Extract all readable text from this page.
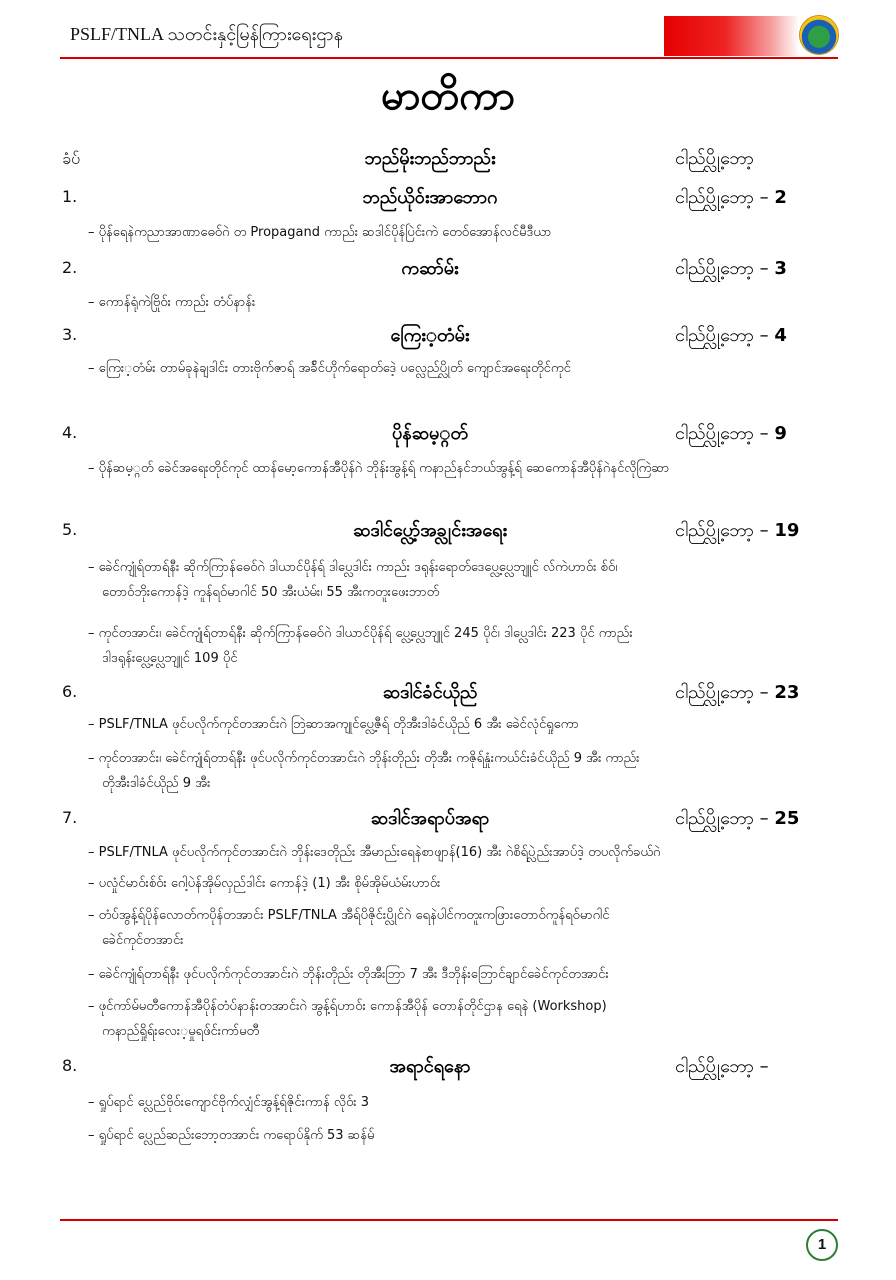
PSLF/TNLA သတင်းနှင့်မြန်ကြားရေးဌာန
မာတိကာ
ခံပ်	ဘည်မိုးဘည်ဘာည်း	ငါည်ပ္လို့ဘော့
1.	ဘည်ယိုဝ်းအာဘောဂ	ငါည်ပ္လို့ဘော့ – 2
– ပိုန်ရေနဲကညာအာဏာဓေဝ်ဂဲ တ Propagand ကာည်း ဆဒါင်ပိုန်ပြဲင်းကဲ တေဝ်အောန်လင်မီဒီယာ
2.	ကဆာ်မ်း	ငါည်ပ္လို့ဘော့ – 3
– ကောန်ရုံကဲဗြိုဝ်း ကာည်း တံပ်နာန်း
3.	ကြေး့တံမ်း	ငါည်ပ္လို့ဘော့ – 4
– ကြေး့တံမ်း တာမ်ခုနဲချဒါင်း တားဗိုက်ဇာရ် အခ်ိင်ဟိုက်ရောတ်ဒေဲ့ ပလ္လေည်ပ္လိုတ် ကျောင်အရေးတိုင်ကုင်
4.	ပိုန်ဆမ့္ဂတ်	ငါည်ပ္လို့ဘော့ – 9
– ပိုန်ဆမ့္ဂတ် ခေဲင်အရေးတိုင်ကုင် ထာန်မော့ကောန်အီပိုန်ဂဲ ဘိုန်းအွန့်ရ် ကနာည်နင်ဘယ်အွန့်ရ် ဆေကောန်အီပိုန်ဂဲနင်လိုကြဲဆာ
5.	ဆဒါင်ပ္လော့်အခ္လုင်းအရေး	ငါည်ပ္လို့ဘော့ – 19
– ခေဲင်ကျုံရ်တာရ်နီး ဆိုက်ကြာန်ဓေဝ်ဂဲ ဒါယာင်ပိုန်ရ် ဒါပ္လေဒါင်း ကာည်း ဒရုန်းရောတ်ဒေပ္လေ့ပ္လေဘျူင် လ်ကဲဟာဝ်း စ်ဝ်၊
တောဝ်ဘိုးကောန်ဒဲ့ ကူန်ရဝ်မာဂါင် 50 အီးယံမ်း၊ 55 အီးကတူးဖေးဘာတ်
– ကုင်တအာင်း၊ ခေဲင်ကျုံရ်တာရ်နီး ဆိုက်ကြာန်ဓေဝ်ဂဲ ဒါယာင်ပိုန်ရ် ပ္လေ့ပ္လေဘျူင် 245 ပိုင်၊ ဒါပ္လေဒါင်း 223 ပိုင် ကာည်း
ဒါဒရုန်းပ္လေ့ပ္လေဘျူင် 109 ပိုင်
6.	ဆဒါင်ခံင်ယိုည်	ငါည်ပ္လို့ဘော့ – 23
– PSLF/TNLA ဖုင်ပလိုက်ကုင်တအာင်းဂဲ ဘြဲဆာအကျုင်ပ္လေ့ဇီရ် တိုအီးဒါခံင်ယိုည် 6 အီး ခေဲင်လုံင်ရှုကော
– ကုင်တအာင်း၊ ခေဲင်ကျုံရ်တာရ်နီး ဖုင်ပလိုက်ကုင်တအာင်းဂဲ ဘိုန်းတိုည်း တိုအီး ကဇိုရ်နှုံးကယ်င်းခံင်ယိုည် 9 အီး ကာည်း
တိုအီးဒါခံင်ယိုည် 9 အီး
7.	ဆဒါင်အရာပ်အရာ	ငါည်ပ္လို့ဘော့ – 25
– PSLF/TNLA ဖုင်ပလိုက်ကုင်တအာင်းဂဲ ဘိုန်းဒေတိုည်း အီမာည်းရေနဲစာဖျာန်(16) အီး ဂဲစိရ်ပ္လဲည်းအာပ်ဒဲ့ တပလိုက်ခယ်ဂဲ
– ပလှုံင်မာဝ်းစ်ဝ်း ဂေါ့ပဲန်အိုမ်လှည်ဒါင်း ကောန်ဒဲ့ (1) အီး စိုမ်အိုမ်ယံမ်းဟာဝ်း
– တံပ်အွန့်ရ်ပိုန်လောတ်ကပိုန်တအာင်း PSLF/TNLA အီရ်ပိဇိုင်းပ္လိုင်ဂဲ ရေနဲပါင်ကတူးကဖြားတောဝ်ကူန်ရဝ်မာဂါင်
ခေဲင်ကုင်တအာင်း
– ခေဲင်ကျုံရ်တာရ်နီး ဖုင်ပလိုက်ကုင်တအာင်းဂဲ ဘိုန်းတိုည်း တိုအီးဘြာ 7 အီး ဒီဘိုန်းဘြောင်ချာင်ခေဲင်ကုင်တအာင်း
– ဖုင်ကာ်မ်မတီကောန်အီပိုန်တံပ်နာန်းတအာင်းဂဲ အွန့်ရ်ဟာဝ်း ကောန်အီပိုန် တောန်တိုင်ဌာန ရေနဲ (Workshop)
ကနာည်ရှိုရ်းလေး့မှုရဖ်င်းကာ်မတီ
8.	အရာင်ရနော	ငါည်ပ္လို့ဘော့ –
– ရှုပ်ရာင် ပ္လေည်ဗိုဝ်းကျောင်ဗိုက်လျှံင်အွန့်ရ်ဇိုင်းကာန် လိုဝ်း 3
– ရှုပ်ရာင် ပ္လေည်ဆည်းဘော့တအာင်း ကရောပ်နိုက် 53 ဆန်မ်
1
